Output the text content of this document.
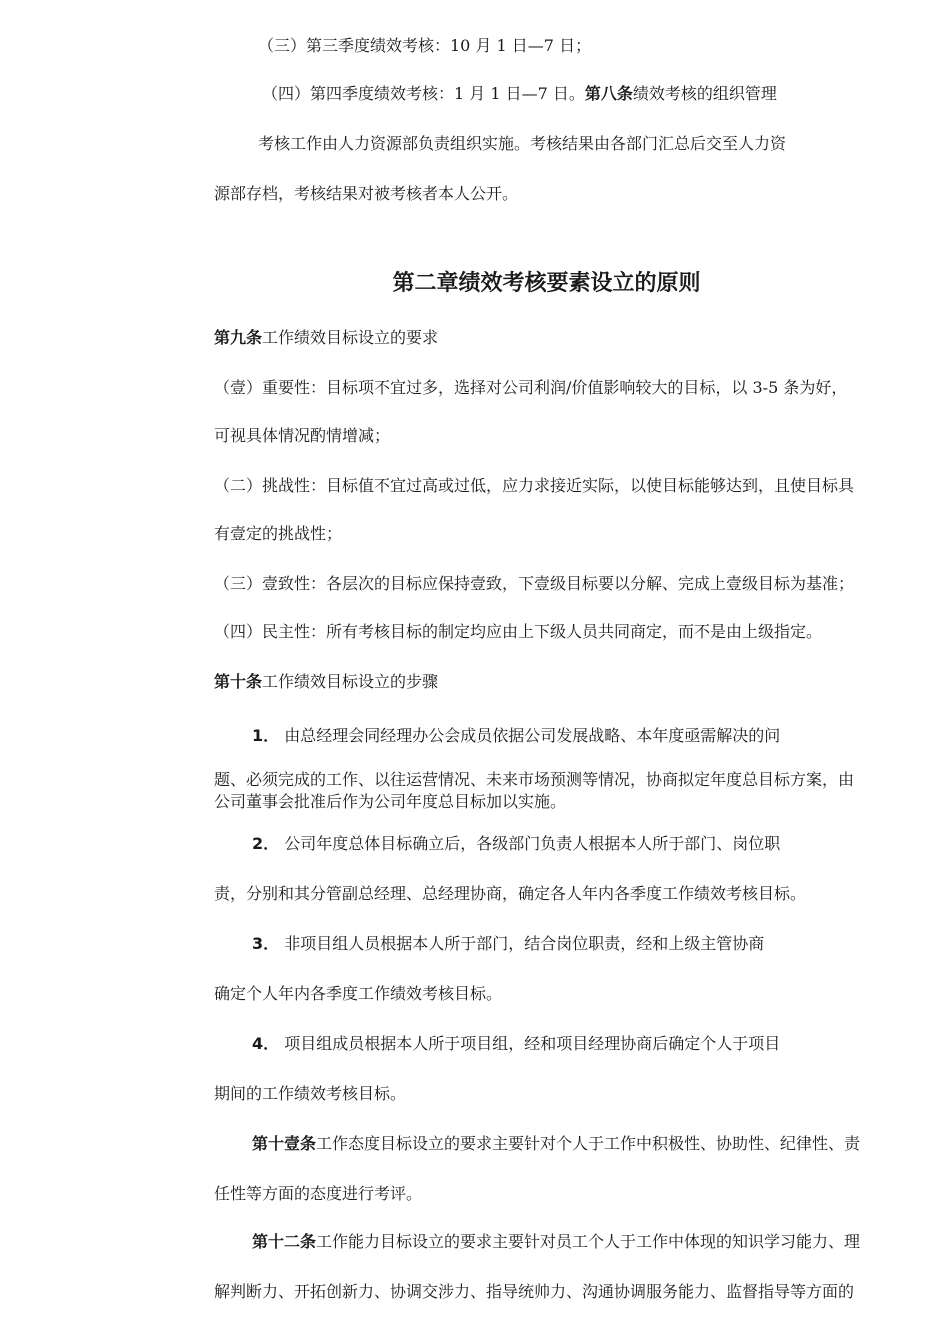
（三）第三季度绩效考核：10 月 1 日—7 日；
（四）第四季度绩效考核：1 月 1 日—7 日。第八条绩效考核的组织管理
考核工作由人力资源部负责组织实施。考核结果由各部门汇总后交至人力资
源部存档，考核结果对被考核者本人公开。
第二章绩效考核要素设立的原则
第九条工作绩效目标设立的要求
（壹）重要性：目标项不宜过多，选择对公司利润/价值影响较大的目标，以 3-5 条为好，
可视具体情况酌情增减；
（二）挑战性：目标值不宜过高或过低，应力求接近实际，以使目标能够达到，且使目标具
有壹定的挑战性；
（三）壹致性：各层次的目标应保持壹致，下壹级目标要以分解、完成上壹级目标为基准；
（四）民主性：所有考核目标的制定均应由上下级人员共同商定，而不是由上级指定。
第十条工作绩效目标设立的步骤
1． 由总经理会同经理办公会成员依据公司发展战略、本年度亟需解决的问
题、必须完成的工作、以往运营情况、未来市场预测等情况，协商拟定年度总目标方案，由
公司董事会批准后作为公司年度总目标加以实施。
2． 公司年度总体目标确立后，各级部门负责人根据本人所于部门、岗位职
责，分别和其分管副总经理、总经理协商，确定各人年内各季度工作绩效考核目标。
3． 非项目组人员根据本人所于部门，结合岗位职责，经和上级主管协商
确定个人年内各季度工作绩效考核目标。
4． 项目组成员根据本人所于项目组，经和项目经理协商后确定个人于项目
期间的工作绩效考核目标。
第十壹条工作态度目标设立的要求主要针对个人于工作中积极性、协助性、纪律性、责
任性等方面的态度进行考评。
第十二条工作能力目标设立的要求主要针对员工个人于工作中体现的知识学习能力、理
解判断力、开拓创新力、协调交涉力、指导统帅力、沟通协调服务能力、监督指导等方面的
